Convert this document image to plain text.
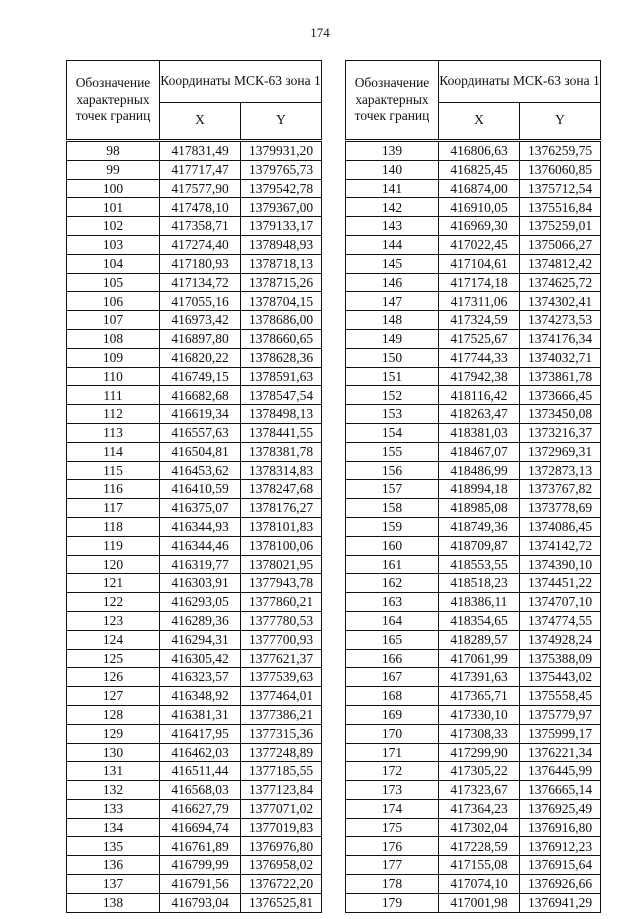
174
Обозначение характерных точек границ	Координаты МСК-63 зона 1	
	X	Y
98	417831,49	1379931,20
99	417717,47	1379765,73
100	417577,90	1379542,78
101	417478,10	1379367,00
102	417358,71	1379133,17
103	417274,40	1378948,93
104	417180,93	1378718,13
105	417134,72	1378715,26
106	417055,16	1378704,15
107	416973,42	1378686,00
108	416897,80	1378660,65
109	416820,22	1378628,36
110	416749,15	1378591,63
111	416682,68	1378547,54
112	416619,34	1378498,13
113	416557,63	1378441,55
114	416504,81	1378381,78
115	416453,62	1378314,83
116	416410,59	1378247,68
117	416375,07	1378176,27
118	416344,93	1378101,83
119	416344,46	1378100,06
120	416319,77	1378021,95
121	416303,91	1377943,78
122	416293,05	1377860,21
123	416289,36	1377780,53
124	416294,31	1377700,93
125	416305,42	1377621,37
126	416323,57	1377539,63
127	416348,92	1377464,01
128	416381,31	1377386,21
129	416417,95	1377315,36
130	416462,03	1377248,89
131	416511,44	1377185,55
132	416568,03	1377123,84
133	416627,79	1377071,02
134	416694,74	1377019,83
135	416761,89	1376976,80
136	416799,99	1376958,02
137	416791,56	1376722,20
138	416793,04	1376525,81
Обозначение характерных точек границ	Координаты МСК-63 зона 1	
	X	Y
139	416806,63	1376259,75
140	416825,45	1376060,85
141	416874,00	1375712,54
142	416910,05	1375516,84
143	416969,30	1375259,01
144	417022,45	1375066,27
145	417104,61	1374812,42
146	417174,18	1374625,72
147	417311,06	1374302,41
148	417324,59	1374273,53
149	417525,67	1374176,34
150	417744,33	1374032,71
151	417942,38	1373861,78
152	418116,42	1373666,45
153	418263,47	1373450,08
154	418381,03	1373216,37
155	418467,07	1372969,31
156	418486,99	1372873,13
157	418994,18	1373767,82
158	418985,08	1373778,69
159	418749,36	1374086,45
160	418709,87	1374142,72
161	418553,55	1374390,10
162	418518,23	1374451,22
163	418386,11	1374707,10
164	418354,65	1374774,55
165	418289,57	1374928,24
166	417061,99	1375388,09
167	417391,63	1375443,02
168	417365,71	1375558,45
169	417330,10	1375779,97
170	417308,33	1375999,17
171	417299,90	1376221,34
172	417305,22	1376445,99
173	417323,67	1376665,14
174	417364,23	1376925,49
175	417302,04	1376916,80
176	417228,59	1376912,23
177	417155,08	1376915,64
178	417074,10	1376926,66
179	417001,98	1376941,29
